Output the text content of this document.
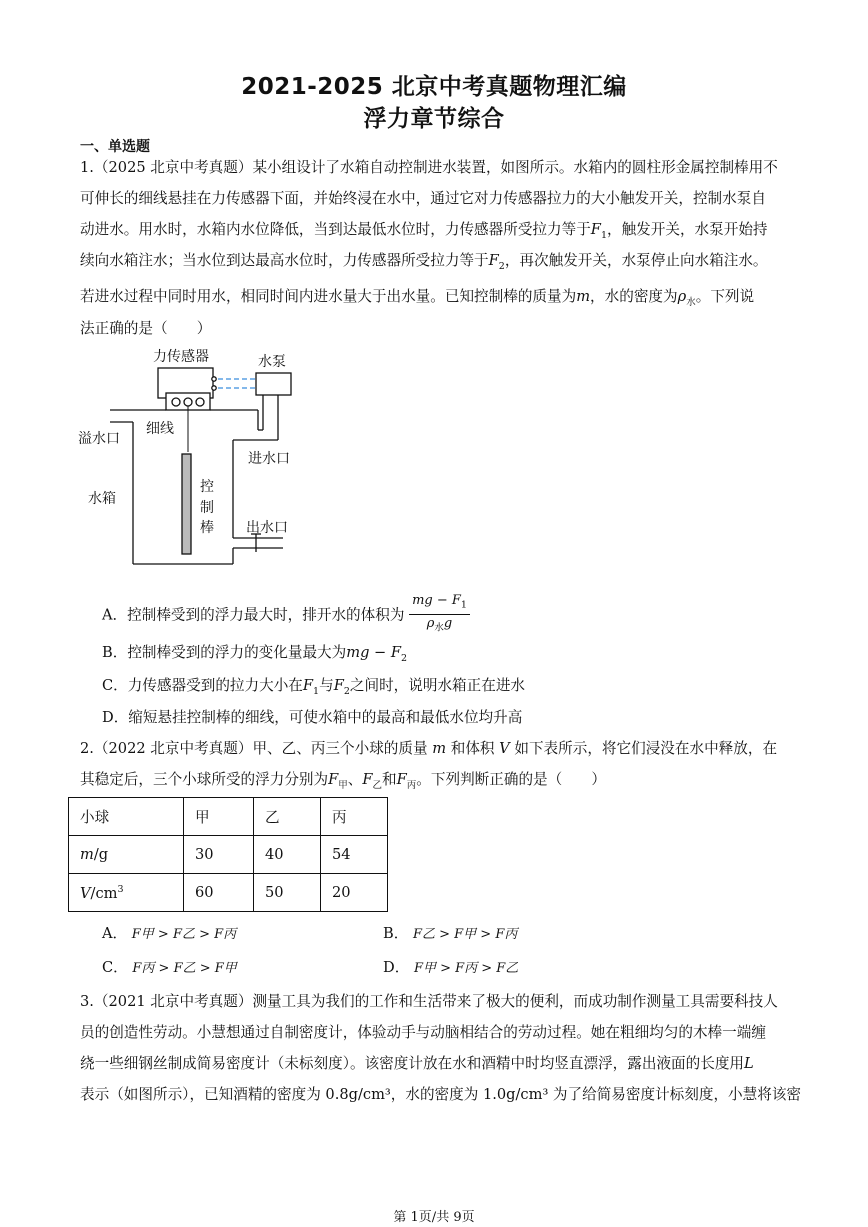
2021-2025 北京中考真题物理汇编
浮力章节综合
一、单选题
1.（2025 北京中考真题）某小组设计了水箱自动控制进水装置，如图所示。水箱内的圆柱形金属控制棒用不
可伸长的细线悬挂在力传感器下面，并始终浸在水中，通过它对力传感器拉力的大小触发开关，控制水泵自
动进水。用水时，水箱内水位降低，当到达最低水位时，力传感器所受拉力等于$F_1$，触发开关，水泵开始持
续向水箱注水；当水位到达最高水位时，力传感器所受拉力等于$F_2$，再次触发开关，水泵停止向水箱注水。
若进水过程中同时用水，相同时间内进水量大于出水量。已知控制棒的质量为m，水的密度为$\rho_水$。下列说
法正确的是（　　）
力传感器	水泵
溢水口
细线
进水口
水箱
控
制
棒 出水口
A．控制棒受到的浮力最大时，排开水的体积为 $\frac{mg - F_1}{\rho_水g}$
B．控制棒受到的浮力的变化量最大为mg − $F_2$
C．力传感器受到的拉力大小在$F_1$与$F_2$之间时，说明水箱正在进水
D．缩短悬挂控制棒的细线，可使水箱中的最高和最低水位均升高
2.（2022 北京中考真题）甲、乙、丙三个小球的质量 m 和体积 V 如下表所示，将它们浸没在水中释放，在
其稳定后，三个小球所受的浮力分别为$F_甲$、$F_乙$和$F_丙$。下列判断正确的是（　　）
小球	甲	乙	丙
m/g	30	40	54
$V/cm^3$	60	50	20
A． F甲 > F乙 > F丙	B． F乙 > F甲 > F丙
C． F丙 > F乙 > F甲	D． F甲 > F丙 > F乙
3.（2021 北京中考真题）测量工具为我们的工作和生活带来了极大的便利，而成功制作测量工具需要科技人
员的创造性劳动。小慧想通过自制密度计，体验动手与动脑相结合的劳动过程。她在粗细均匀的木棒一端缠
绕一些细钢丝制成简易密度计（未标刻度）。该密度计放在水和酒精中时均竖直漂浮，露出液面的长度用L
表示（如图所示），已知酒精的密度为 0.8g/cm³，水的密度为 1.0g/cm³ 为了给简易密度计标刻度，小慧将该密
第 1页/共 9页
